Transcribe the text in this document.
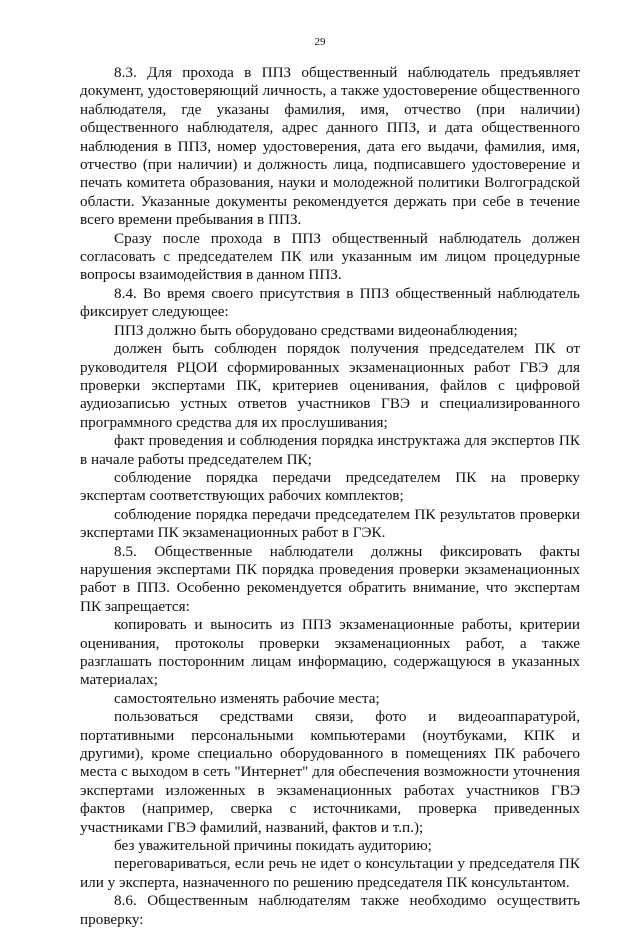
29

8.3. Для прохода в ППЗ общественный наблюдатель предъявляет документ, удостоверяющий личность, а также удостоверение общественного наблюдателя, где указаны фамилия, имя, отчество (при наличии) общественного наблюдателя, адрес данного ППЗ, и дата общественного наблюдения в ППЗ, номер удостоверения, дата его выдачи, фамилия, имя, отчество (при наличии) и должность лица, подписавшего удостоверение и печать комитета образования, науки и молодежной политики Волгоградской области. Указанные документы рекомендуется держать при себе в течение всего времени пребывания в ППЗ.

Сразу после прохода в ППЗ общественный наблюдатель должен согласовать с председателем ПК или указанным им лицом процедурные вопросы взаимодействия в данном ППЗ.

8.4. Во время своего присутствия в ППЗ общественный наблюдатель фиксирует следующее:

ППЗ должно быть оборудовано средствами видеонаблюдения;

должен быть соблюден порядок получения председателем ПК от руководителя РЦОИ сформированных экзаменационных работ ГВЭ для проверки экспертами ПК, критериев оценивания, файлов с цифровой аудиозаписью устных ответов участников ГВЭ и специализированного программного средства для их прослушивания;

факт проведения и соблюдения порядка инструктажа для экспертов ПК в начале работы председателем ПК;

соблюдение порядка передачи председателем ПК на проверку экспертам соответствующих рабочих комплектов;

соблюдение порядка передачи председателем ПК результатов проверки экспертами ПК экзаменационных работ в ГЭК.

8.5. Общественные наблюдатели должны фиксировать факты нарушения экспертами ПК порядка проведения проверки экзаменационных работ в ППЗ. Особенно рекомендуется обратить внимание, что экспертам ПК запрещается:

копировать и выносить из ППЗ экзаменационные работы, критерии оценивания, протоколы проверки экзаменационных работ, а также разглашать посторонним лицам информацию, содержащуюся в указанных материалах;

самостоятельно изменять рабочие места;

пользоваться средствами связи, фото и видеоаппаратурой, портативными персональными компьютерами (ноутбуками, КПК и другими), кроме специально оборудованного в помещениях ПК рабочего места с выходом в сеть "Интернет" для обеспечения возможности уточнения экспертами изложенных в экзаменационных работах участников ГВЭ фактов (например, сверка с источниками, проверка приведенных участниками ГВЭ фамилий, названий, фактов и т.п.);

без уважительной причины покидать аудиторию;

переговариваться, если речь не идет о консультации у председателя ПК или у эксперта, назначенного по решению председателя ПК консультантом.

8.6. Общественным наблюдателям также необходимо осуществить проверку:
